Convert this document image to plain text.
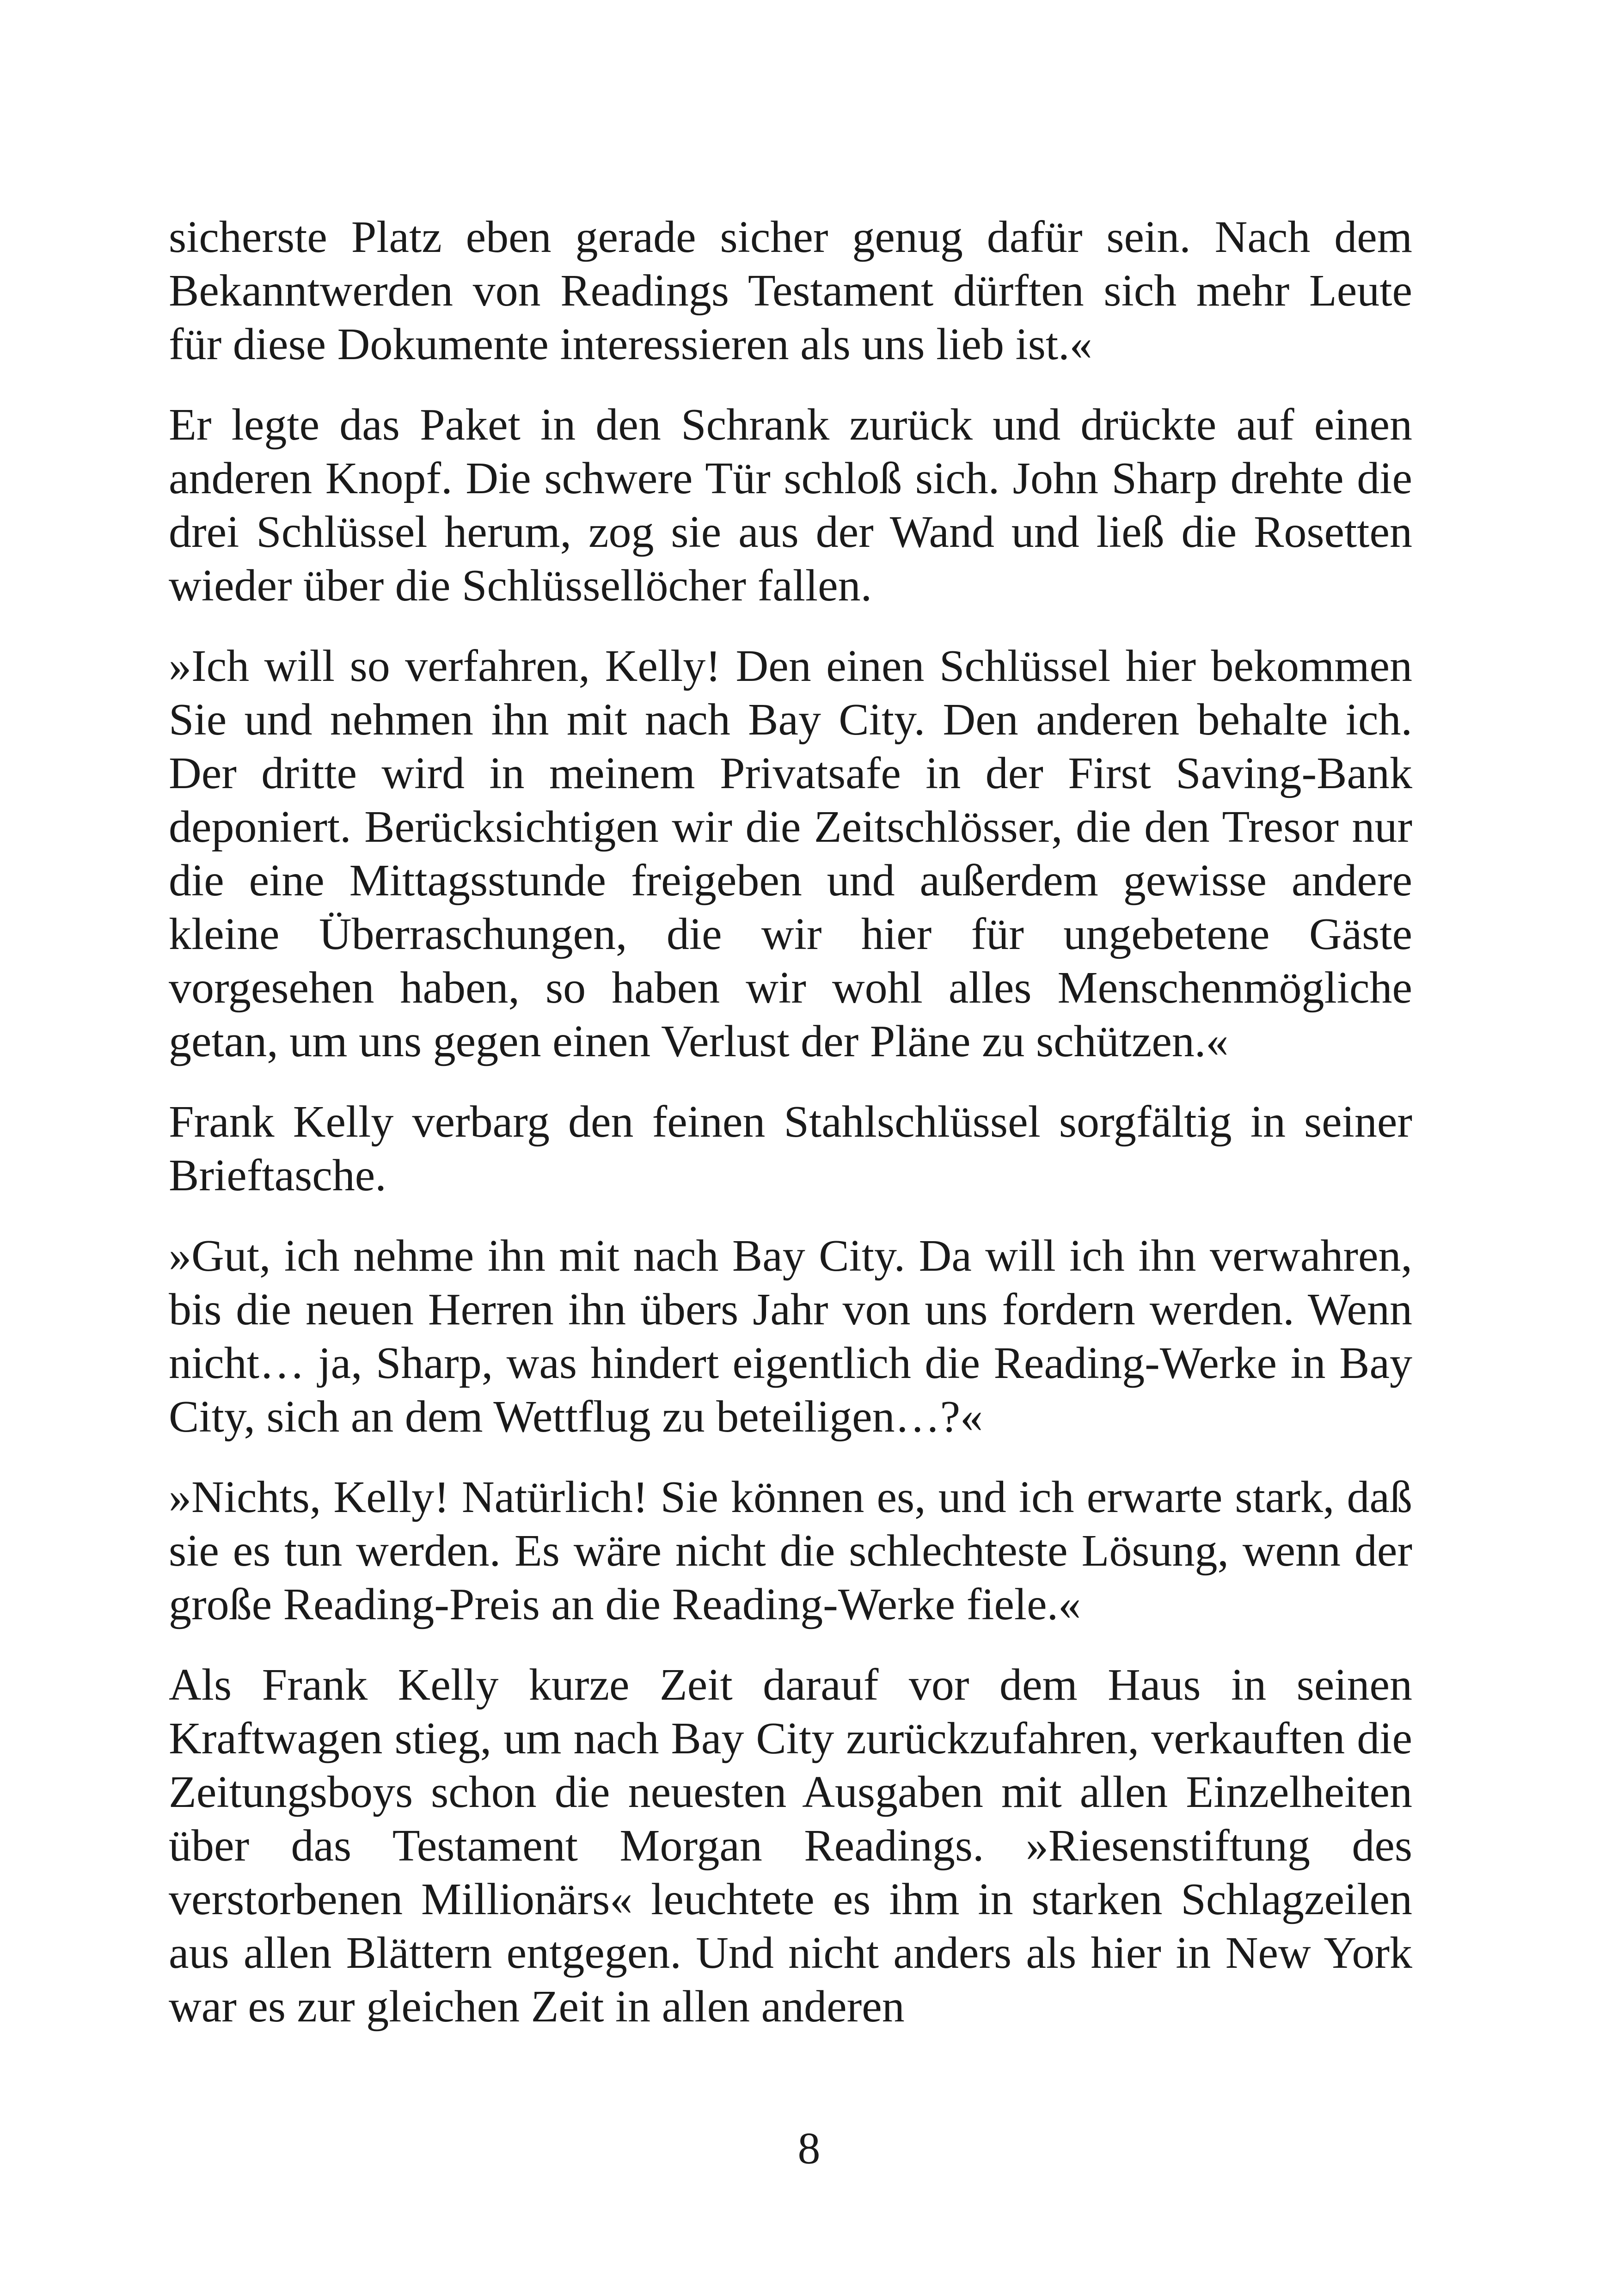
sicherste Platz eben gerade sicher genug dafür sein. Nach dem Bekanntwerden von Readings Testament dürften sich mehr Leute für diese Dokumente interessieren als uns lieb ist.«

Er legte das Paket in den Schrank zurück und drückte auf einen anderen Knopf. Die schwere Tür schloß sich. John Sharp drehte die drei Schlüssel herum, zog sie aus der Wand und ließ die Rosetten wieder über die Schlüssellöcher fallen.

»Ich will so verfahren, Kelly! Den einen Schlüssel hier bekommen Sie und nehmen ihn mit nach Bay City. Den anderen behalte ich. Der dritte wird in meinem Privatsafe in der First Saving-Bank deponiert. Berücksichtigen wir die Zeitschlösser, die den Tresor nur die eine Mittagsstunde freigeben und außerdem gewisse andere kleine Überraschungen, die wir hier für ungebetene Gäste vorgesehen haben, so haben wir wohl alles Menschenmögliche getan, um uns gegen einen Verlust der Pläne zu schützen.«

Frank Kelly verbarg den feinen Stahlschlüssel sorgfältig in seiner Brieftasche.

»Gut, ich nehme ihn mit nach Bay City. Da will ich ihn verwahren, bis die neuen Herren ihn übers Jahr von uns fordern werden. Wenn nicht… ja, Sharp, was hindert eigentlich die Reading-Werke in Bay City, sich an dem Wettflug zu beteiligen…?«

»Nichts, Kelly! Natürlich! Sie können es, und ich erwarte stark, daß sie es tun werden. Es wäre nicht die schlechteste Lösung, wenn der große Reading-Preis an die Reading-Werke fiele.«

Als Frank Kelly kurze Zeit darauf vor dem Haus in seinen Kraftwagen stieg, um nach Bay City zurückzufahren, verkauften die Zeitungsboys schon die neuesten Ausgaben mit allen Einzelheiten über das Testament Morgan Readings. »Riesenstiftung des verstorbenen Millionärs« leuchtete es ihm in starken Schlagzeilen aus allen Blättern entgegen. Und nicht anders als hier in New York war es zur gleichen Zeit in allen anderen

8
